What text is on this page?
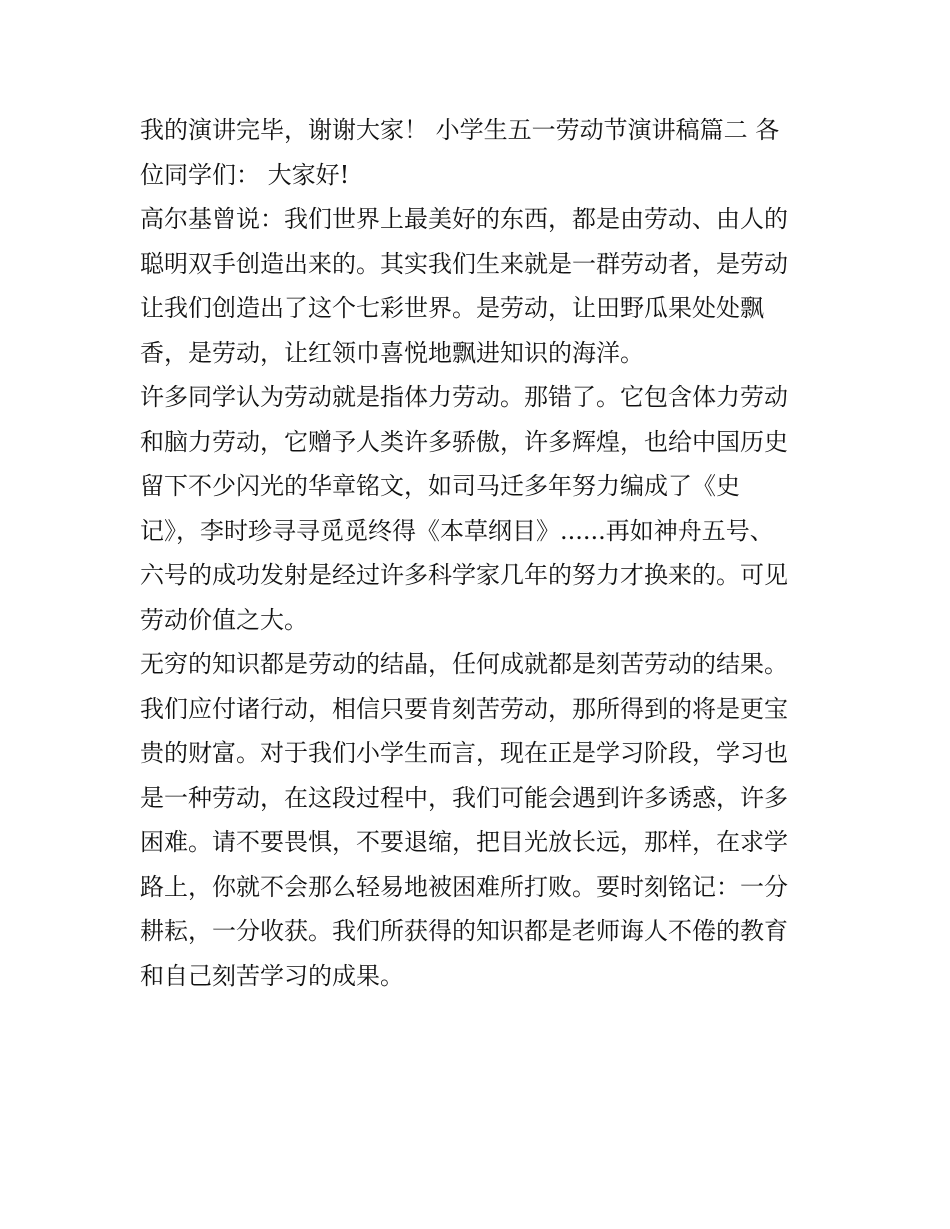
我的演讲完毕，谢谢大家！ 小学生五一劳动节演讲稿篇二 各
位同学们： 大家好!
高尔基曾说：我们世界上最美好的东西，都是由劳动、由人的
聪明双手创造出来的。其实我们生来就是一群劳动者，是劳动
让我们创造出了这个七彩世界。是劳动，让田野瓜果处处飘
香，是劳动，让红领巾喜悦地飘进知识的海洋。
许多同学认为劳动就是指体力劳动。那错了。它包含体力劳动
和脑力劳动，它赠予人类许多骄傲，许多辉煌，也给中国历史
留下不少闪光的华章铭文，如司马迁多年努力编成了《史
记》，李时珍寻寻觅觅终得《本草纲目》......再如神舟五号、
六号的成功发射是经过许多科学家几年的努力才换来的。可见
劳动价值之大。
无穷的知识都是劳动的结晶，任何成就都是刻苦劳动的结果。
我们应付诸行动，相信只要肯刻苦劳动，那所得到的将是更宝
贵的财富。对于我们小学生而言，现在正是学习阶段，学习也
是一种劳动，在这段过程中，我们可能会遇到许多诱惑，许多
困难。请不要畏惧，不要退缩，把目光放长远，那样，在求学
路上，你就不会那么轻易地被困难所打败。要时刻铭记：一分
耕耘，一分收获。我们所获得的知识都是老师诲人不倦的教育
和自己刻苦学习的成果。
